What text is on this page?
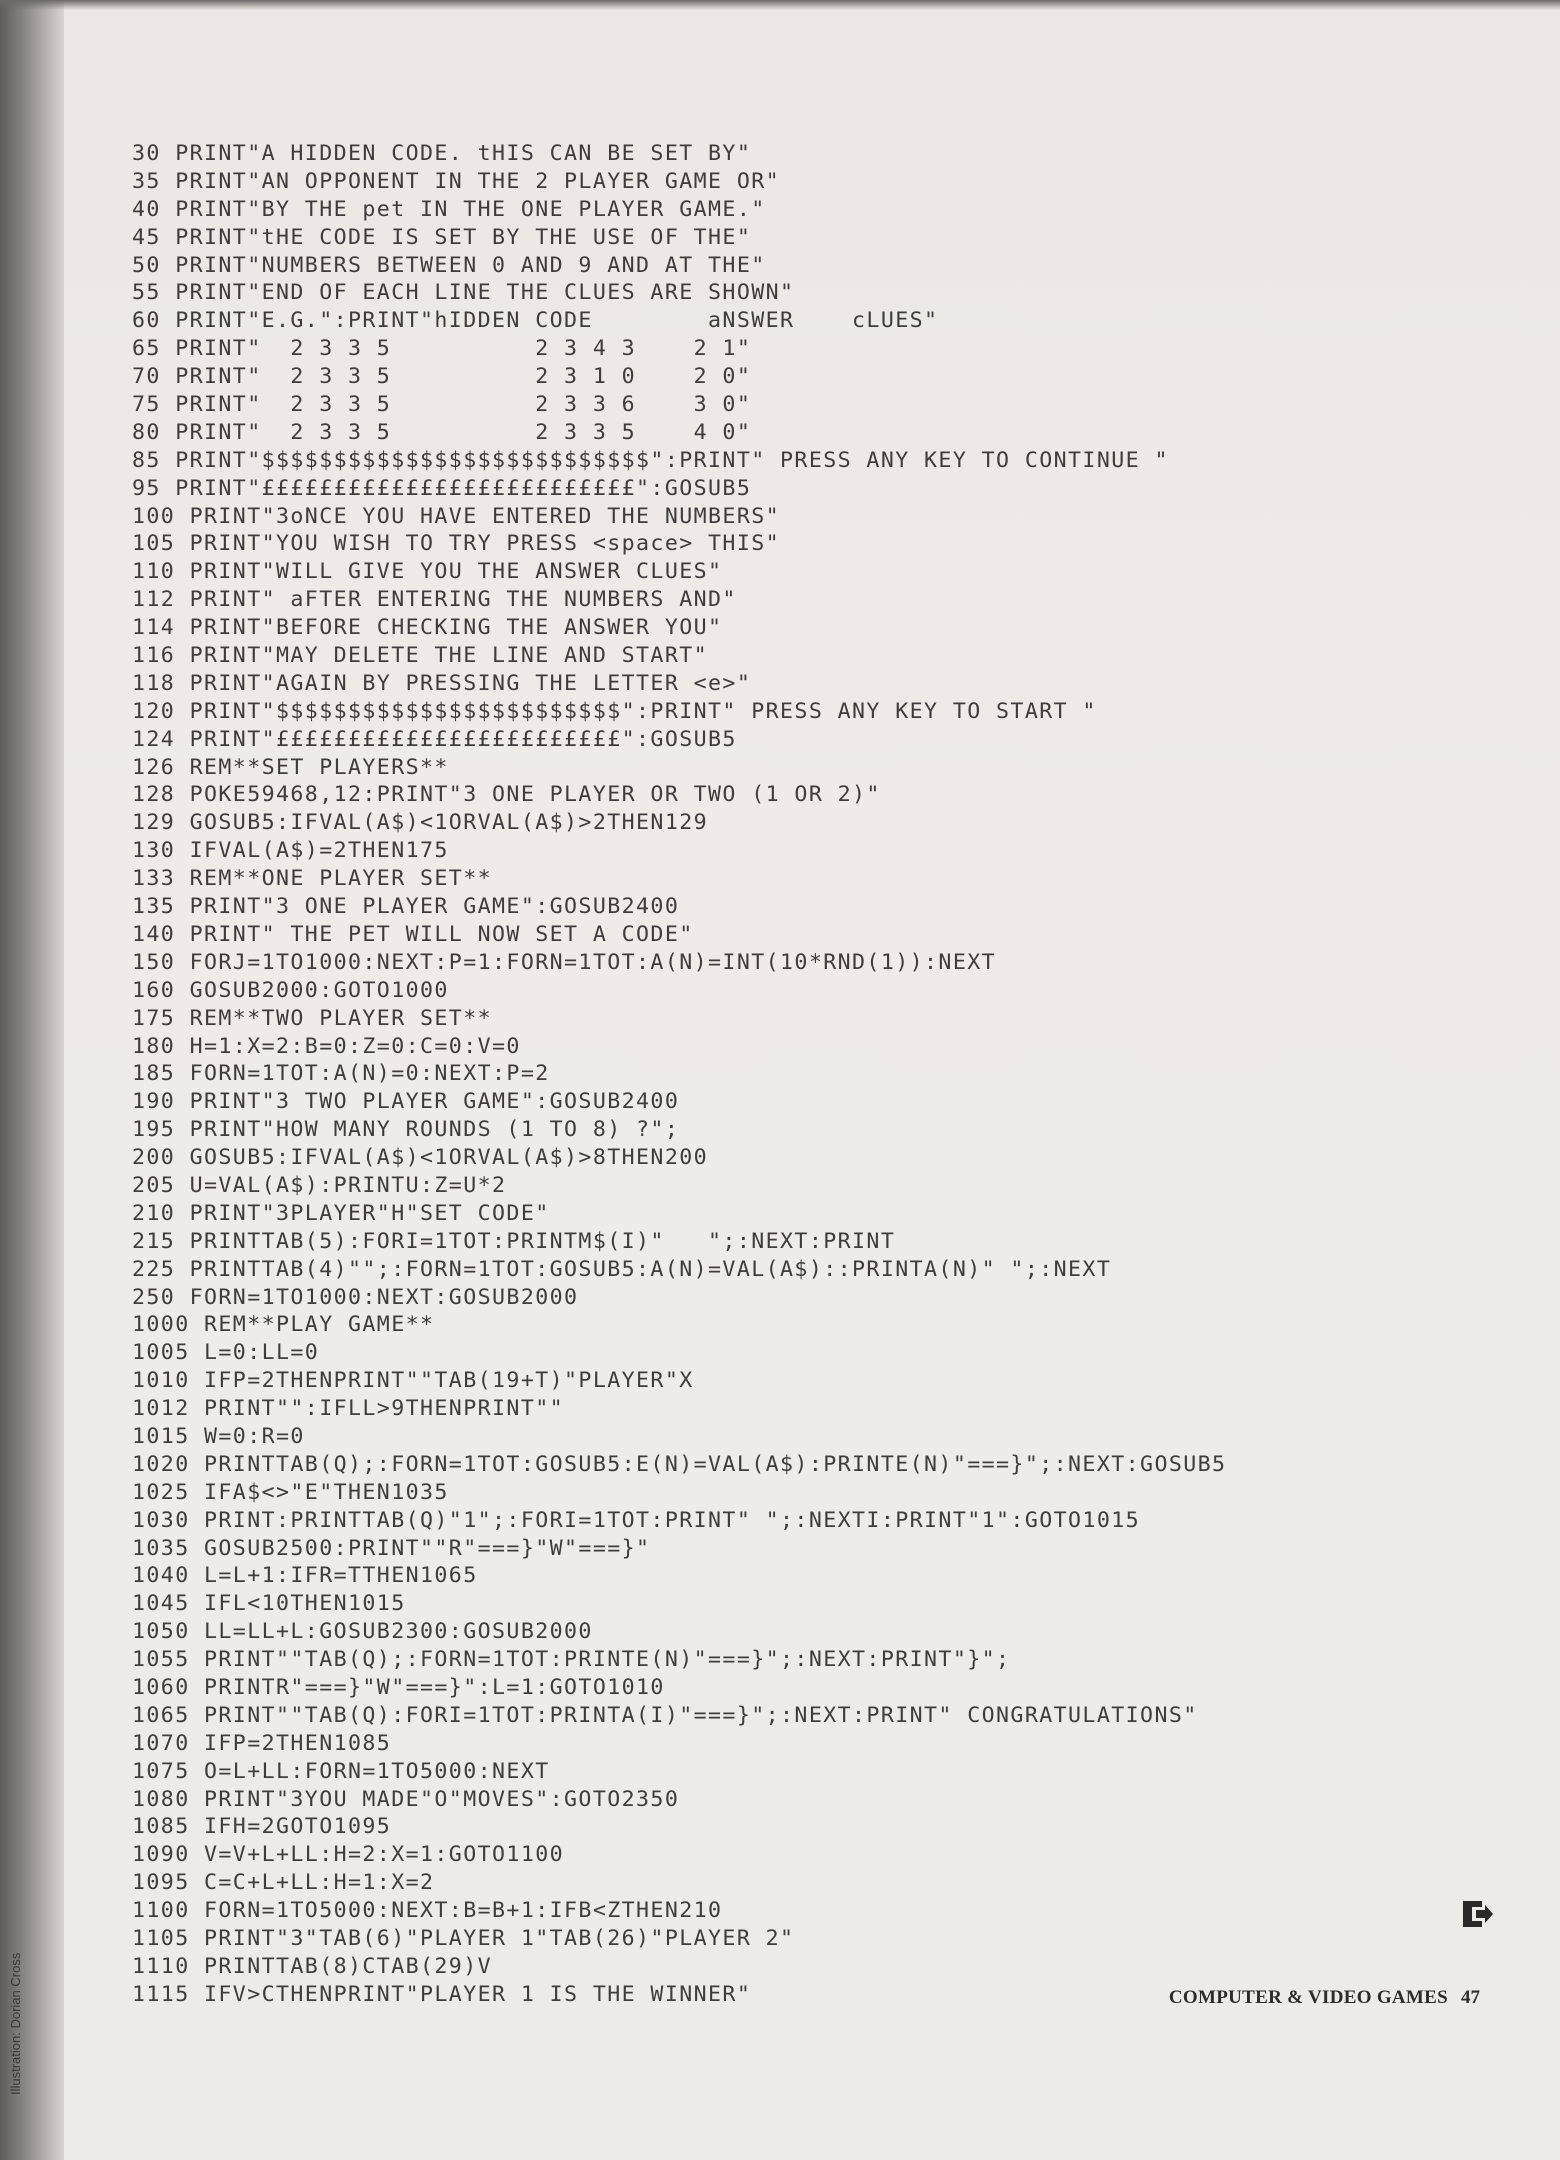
30 PRINT"A HIDDEN CODE. tHIS CAN BE SET BY"
35 PRINT"AN OPPONENT IN THE 2 PLAYER GAME OR"
40 PRINT"BY THE pet IN THE ONE PLAYER GAME."
45 PRINT"tHE CODE IS SET BY THE USE OF THE"
50 PRINT"NUMBERS BETWEEN 0 AND 9 AND AT THE"
55 PRINT"END OF EACH LINE THE CLUES ARE SHOWN"
60 PRINT"E.G.":PRINT"hIDDEN CODE        aNSWER    cLUES"
65 PRINT"  2 3 3 5          2 3 4 3    2 1"
70 PRINT"  2 3 3 5          2 3 1 0    2 0"
75 PRINT"  2 3 3 5          2 3 3 6    3 0"
80 PRINT"  2 3 3 5          2 3 3 5    4 0"
85 PRINT"$$$$$$$$$$$$$$$$$$$$$$$$$$$":PRINT" PRESS ANY KEY TO CONTINUE "
95 PRINT"££££££££££££££££££££££££££":GOSUB5
100 PRINT"3oNCE YOU HAVE ENTERED THE NUMBERS"
105 PRINT"YOU WISH TO TRY PRESS <space> THIS"
110 PRINT"WILL GIVE YOU THE ANSWER CLUES"
112 PRINT" aFTER ENTERING THE NUMBERS AND"
114 PRINT"BEFORE CHECKING THE ANSWER YOU"
116 PRINT"MAY DELETE THE LINE AND START"
118 PRINT"AGAIN BY PRESSING THE LETTER <e>"
120 PRINT"$$$$$$$$$$$$$$$$$$$$$$$$":PRINT" PRESS ANY KEY TO START "
124 PRINT"££££££££££££££££££££££££":GOSUB5
126 REM**SET PLAYERS**
128 POKE59468,12:PRINT"3 ONE PLAYER OR TWO (1 OR 2)"
129 GOSUB5:IFVAL(A$)<1ORVAL(A$)>2THEN129
130 IFVAL(A$)=2THEN175
133 REM**ONE PLAYER SET**
135 PRINT"3 ONE PLAYER GAME":GOSUB2400
140 PRINT" THE PET WILL NOW SET A CODE"
150 FORJ=1TO1000:NEXT:P=1:FORN=1TOT:A(N)=INT(10*RND(1)):NEXT
160 GOSUB2000:GOTO1000
175 REM**TWO PLAYER SET**
180 H=1:X=2:B=0:Z=0:C=0:V=0
185 FORN=1TOT:A(N)=0:NEXT:P=2
190 PRINT"3 TWO PLAYER GAME":GOSUB2400
195 PRINT"HOW MANY ROUNDS (1 TO 8) ?";
200 GOSUB5:IFVAL(A$)<1ORVAL(A$)>8THEN200
205 U=VAL(A$):PRINTU:Z=U*2
210 PRINT"3PLAYER"H"SET CODE"
215 PRINTTAB(5):FORI=1TOT:PRINTM$(I)"   ";:NEXT:PRINT
225 PRINTTAB(4)"";:FORN=1TOT:GOSUB5:A(N)=VAL(A$)::PRINTA(N)" ";:NEXT
250 FORN=1TO1000:NEXT:GOSUB2000
1000 REM**PLAY GAME**
1005 L=0:LL=0
1010 IFP=2THENPRINT""TAB(19+T)"PLAYER"X
1012 PRINT"":IFLL>9THENPRINT""
1015 W=0:R=0
1020 PRINTTAB(Q);:FORN=1TOT:GOSUB5:E(N)=VAL(A$):PRINTE(N)"===}";:NEXT:GOSUB5
1025 IFA$<>"E"THEN1035
1030 PRINT:PRINTTAB(Q)"1";:FORI=1TOT:PRINT" ";:NEXTI:PRINT"1":GOTO1015
1035 GOSUB2500:PRINT""R"===}"W"===}"
1040 L=L+1:IFR=TTHEN1065
1045 IFL<10THEN1015
1050 LL=LL+L:GOSUB2300:GOSUB2000
1055 PRINT""TAB(Q);:FORN=1TOT:PRINTE(N)"===}";:NEXT:PRINT"}";
1060 PRINTR"===}"W"===}":L=1:GOTO1010
1065 PRINT""TAB(Q):FORI=1TOT:PRINTA(I)"===}";:NEXT:PRINT" CONGRATULATIONS"
1070 IFP=2THEN1085
1075 O=L+LL:FORN=1TO5000:NEXT
1080 PRINT"3YOU MADE"O"MOVES":GOTO2350
1085 IFH=2GOTO1095
1090 V=V+L+LL:H=2:X=1:GOTO1100
1095 C=C+L+LL:H=1:X=2
1100 FORN=1TO5000:NEXT:B=B+1:IFB<ZTHEN210
1105 PRINT"3"TAB(6)"PLAYER 1"TAB(26)"PLAYER 2"
1110 PRINTTAB(8)CTAB(29)V
1115 IFV>CTHENPRINT"PLAYER 1 IS THE WINNER"
Illustration: Dorian Cross	COMPUTER & VIDEO GAMES 47
